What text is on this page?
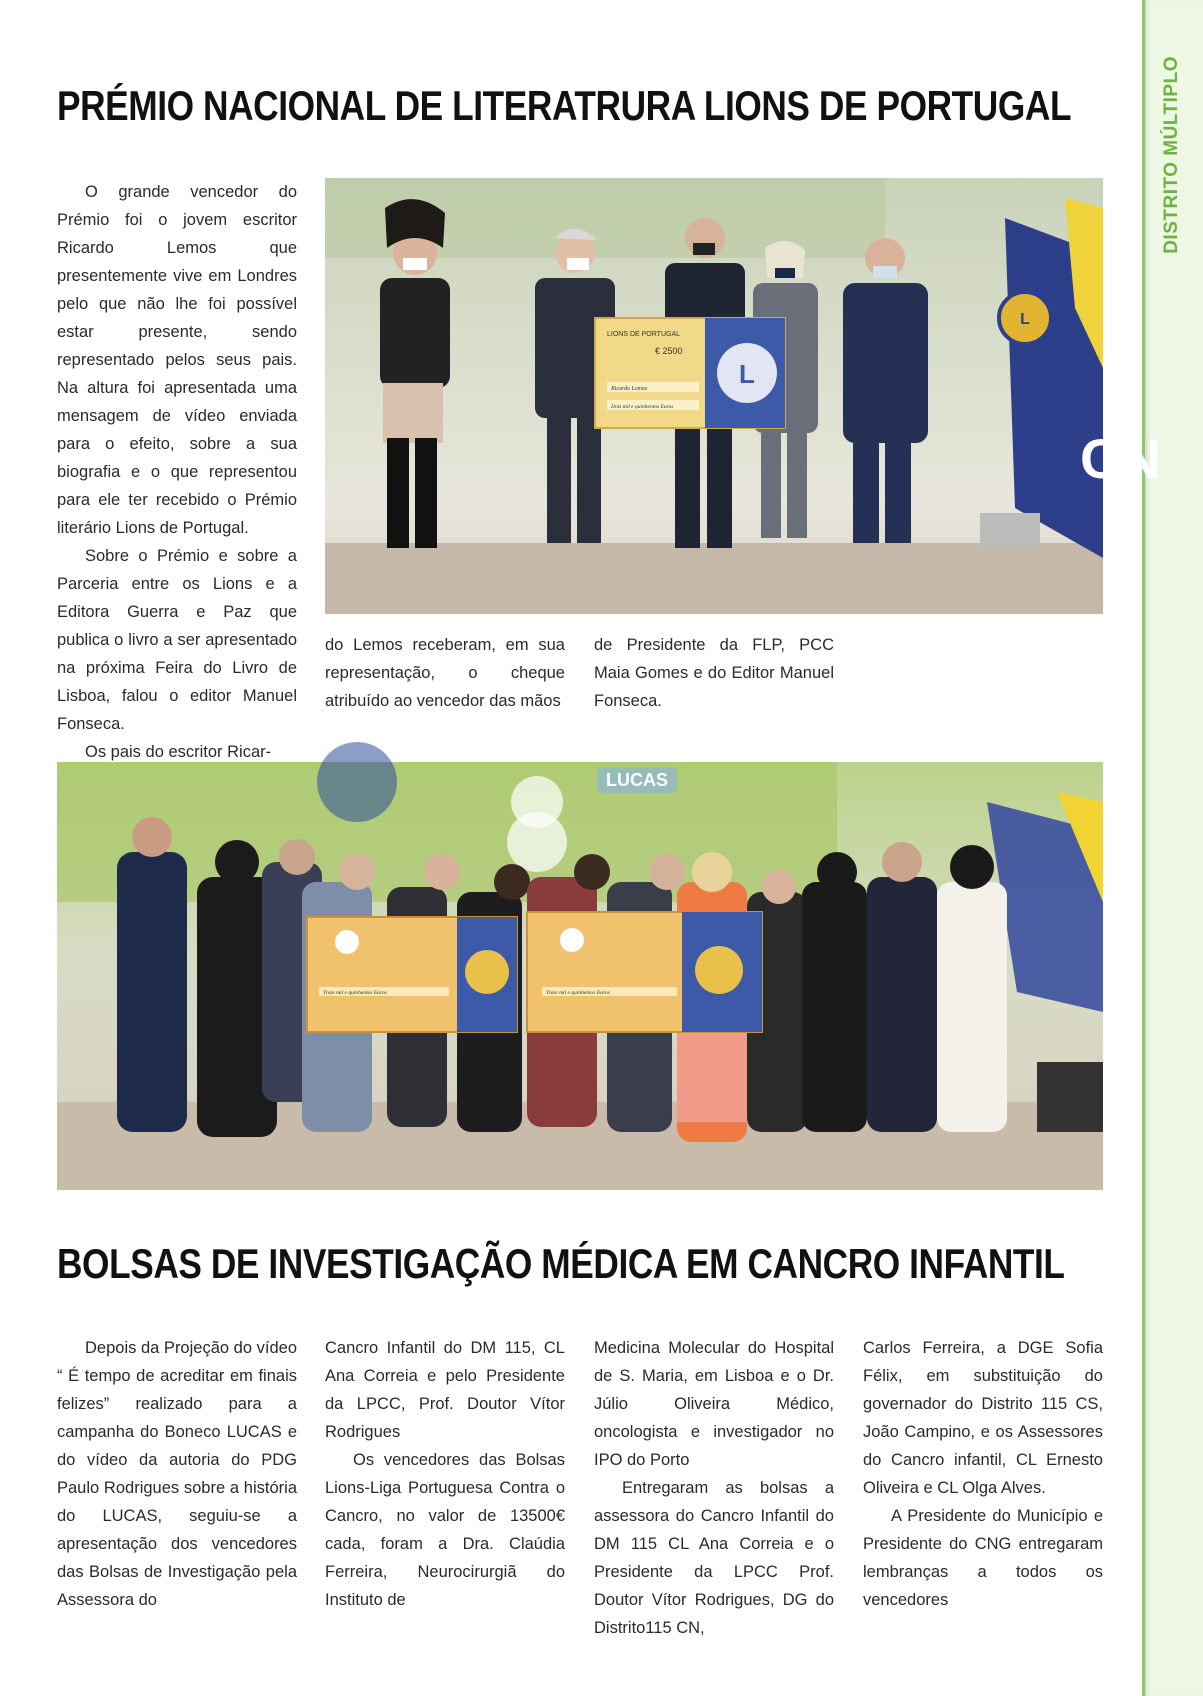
DISTRITO MÚLTIPLO
PRÉMIO NACIONAL DE LITERATRURA LIONS DE PORTUGAL

O grande vencedor do Prémio foi o jovem escritor Ricardo Lemos que presentemente vive em Londres pelo que não lhe foi possível estar presente, sendo representado pelos seus pais. Na altura foi apresentada uma mensagem de vídeo enviada para o efeito, sobre a sua biografia e o que representou para ele ter recebido o Prémio literário Lions de Portugal.

Sobre o Prémio e sobre a Parceria entre os Lions e a Editora Guerra e Paz que publica o livro a ser apresentado na próxima Feira do Livro de Lisboa, falou o editor Manuel Fonseca.

Os pais do escritor Ricar-

L
CN
L
LIONS DE PORTUGAL
€ 2500
Ricardo Lemos
Dois mil e quinhentos Euros

do Lemos receberam, em sua representação, o cheque atribuído ao vencedor das mãos

de Presidente da FLP, PCC Maia Gomes e do Editor Manuel Fonseca.

LUCAS
Treze mil e quinhentos Euros	Treze mil e quinhentos Euros
BOLSAS DE INVESTIGAÇÃO MÉDICA EM CANCRO INFANTIL

Depois da Projeção do vídeo “ É tempo de acreditar em finais felizes” realizado para a campanha do Boneco LUCAS e do vídeo da autoria do PDG Paulo Rodrigues sobre a história do LUCAS, seguiu-se a apresentação dos vencedores das Bolsas de Investigação pela Assessora do

Cancro Infantil do DM 115, CL Ana Correia e pelo Presidente da LPCC, Prof. Doutor Vítor Rodrigues

Os vencedores das Bolsas Lions-Liga Portuguesa Contra o Cancro, no valor de 13500€ cada, foram a Dra. Claúdia Ferreira, Neurocirurgiã do Instituto de

Medicina Molecular do Hospital de S. Maria, em Lisboa e o Dr. Júlio Oliveira Médico, oncologista e investigador no IPO do Porto

Entregaram as bolsas a assessora do Cancro Infantil do DM 115 CL Ana Correia e o Presidente da LPCC Prof. Doutor Vítor Rodrigues, DG do Distrito115 CN,

Carlos Ferreira, a DGE Sofia Félix, em substituição do governador do Distrito 115 CS, João Campino, e os Assessores do Cancro infantil, CL Ernesto Oliveira e CL Olga Alves.

A Presidente do Município e Presidente do CNG entregaram lembranças a todos os vencedores
